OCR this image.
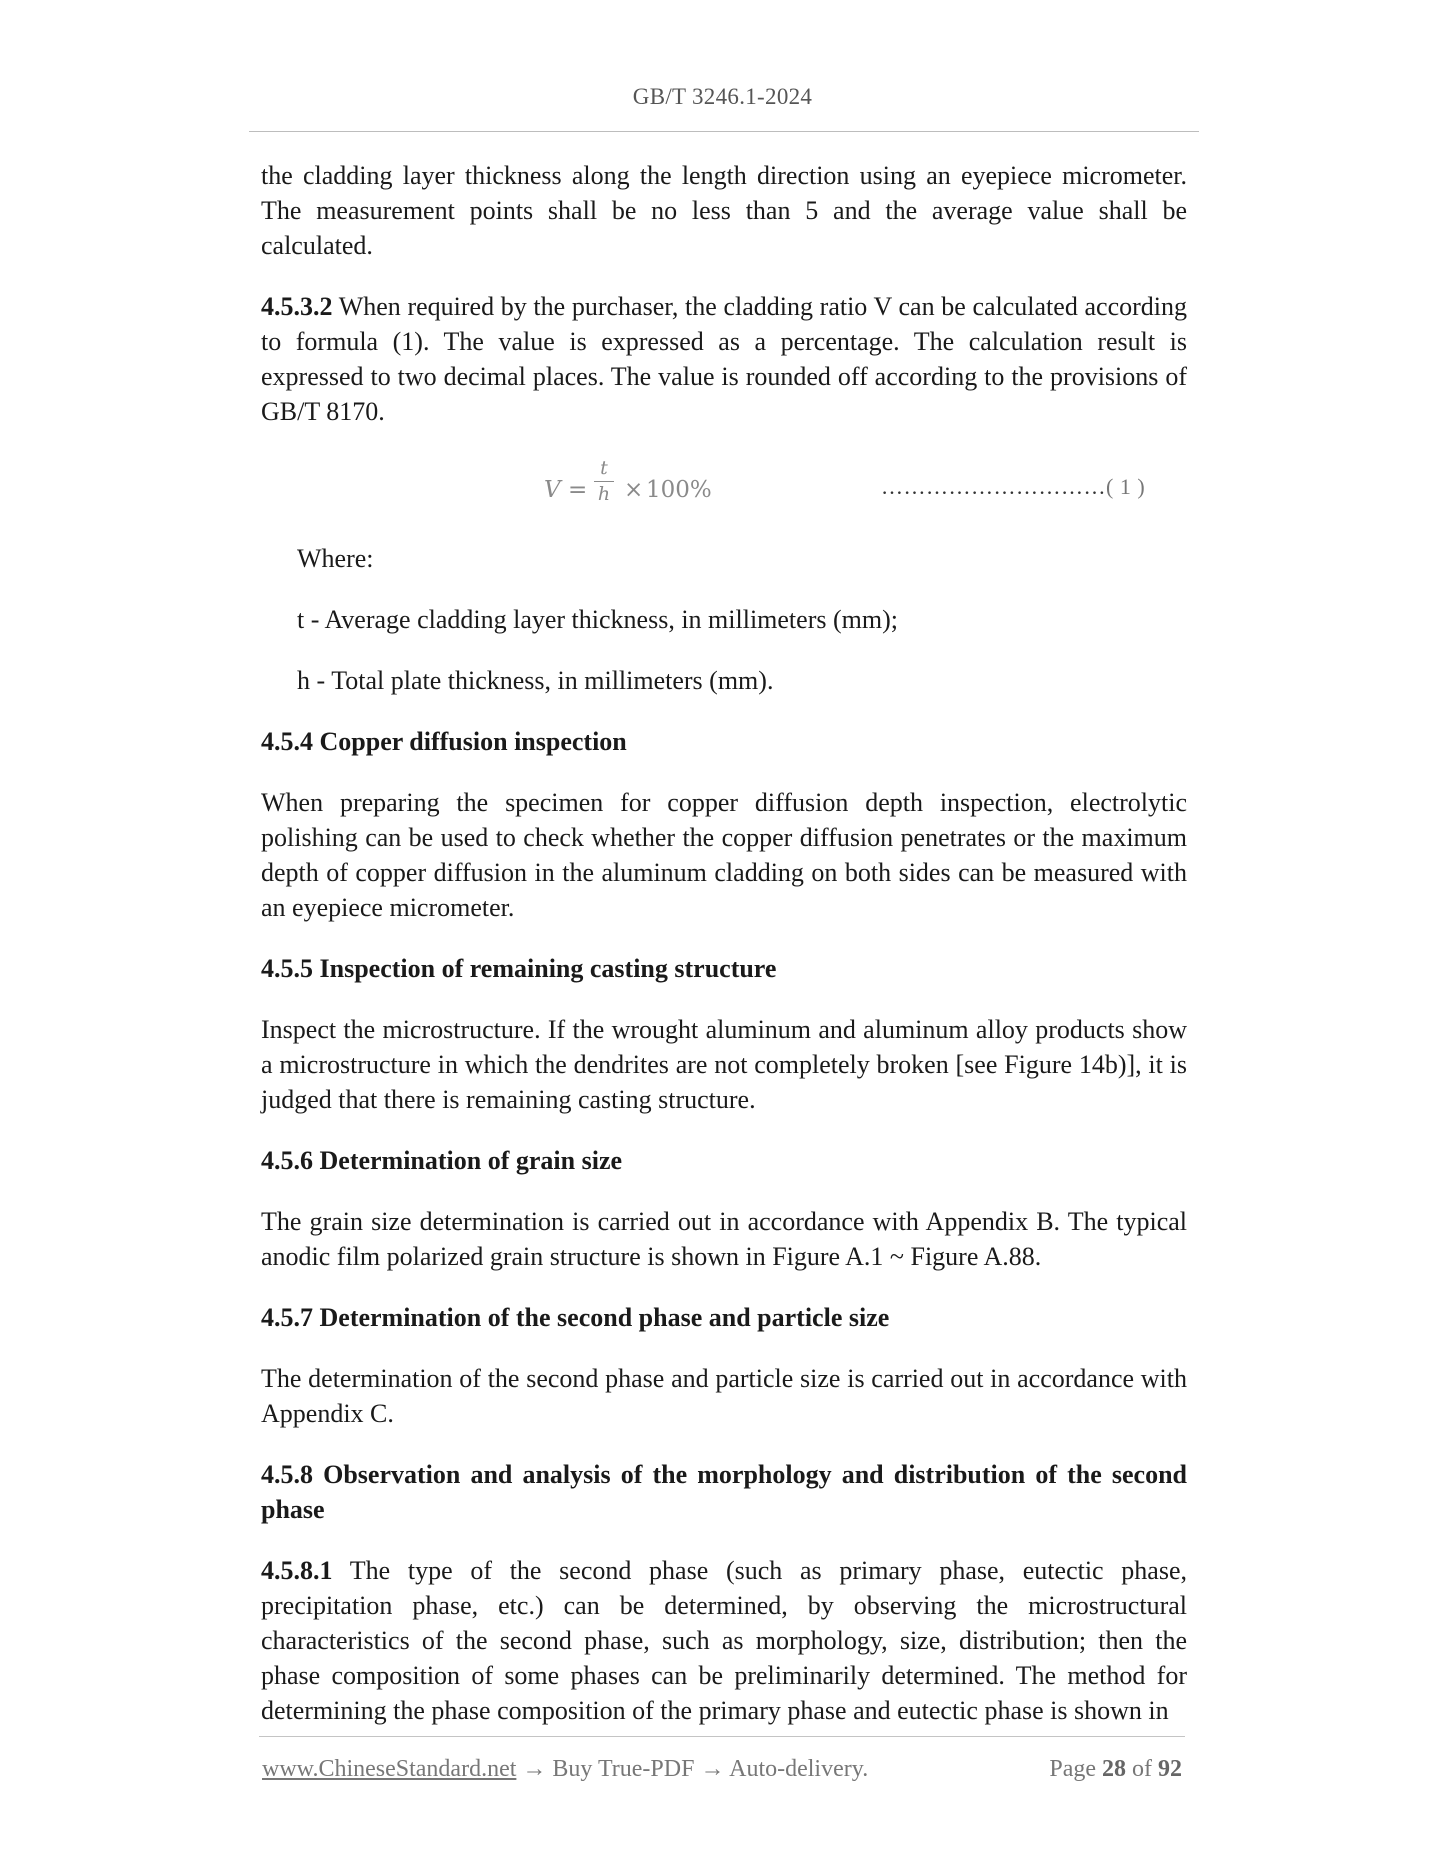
GB/T 3246.1-2024

the cladding layer thickness along the length direction using an eyepiece micrometer. The measurement points shall be no less than 5 and the average value shall be calculated.

4.5.3.2 When required by the purchaser, the cladding ratio V can be calculated according to formula (1). The value is expressed as a percentage. The calculation result is expressed to two decimal places. The value is rounded off according to the provisions of GB/T 8170.

V =
t
h × 100%	…………………………( 1 )

Where:

t - Average cladding layer thickness, in millimeters (mm);

h - Total plate thickness, in millimeters (mm).

4.5.4 Copper diffusion inspection

When preparing the specimen for copper diffusion depth inspection, electrolytic polishing can be used to check whether the copper diffusion penetrates or the maximum depth of copper diffusion in the aluminum cladding on both sides can be measured with an eyepiece micrometer.

4.5.5 Inspection of remaining casting structure

Inspect the microstructure. If the wrought aluminum and aluminum alloy products show a microstructure in which the dendrites are not completely broken [see Figure 14b)], it is judged that there is remaining casting structure.

4.5.6 Determination of grain size

The grain size determination is carried out in accordance with Appendix B. The typical anodic film polarized grain structure is shown in Figure A.1 ~ Figure A.88.

4.5.7 Determination of the second phase and particle size

The determination of the second phase and particle size is carried out in accordance with Appendix C.

4.5.8 Observation and analysis of the morphology and distribution of the second phase

4.5.8.1 The type of the second phase (such as primary phase, eutectic phase, precipitation phase, etc.) can be determined, by observing the microstructural characteristics of the second phase, such as morphology, size, distribution; then the phase composition of some phases can be preliminarily determined. The method for determining the phase composition of the primary phase and eutectic phase is shown in

www.ChineseStandard.net → Buy True-PDF → Auto-delivery.	Page 28 of 92
